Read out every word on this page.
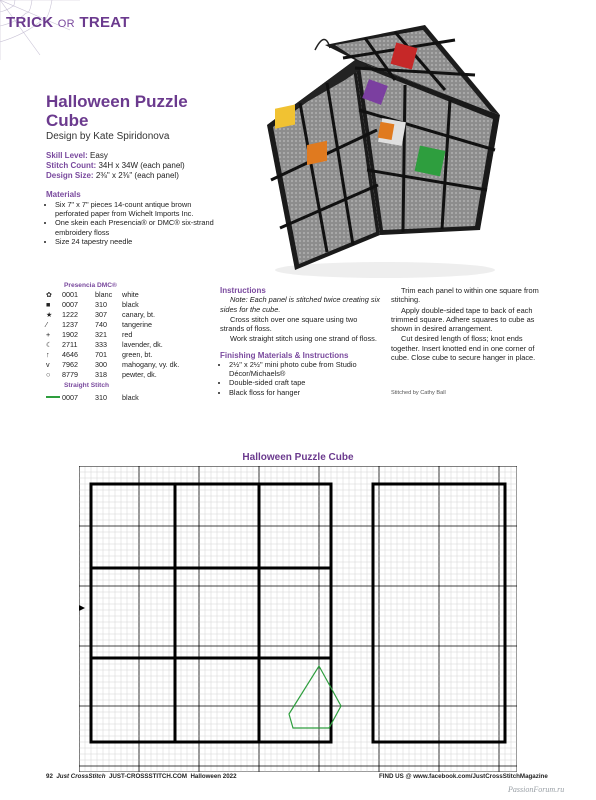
TRICK OR TREAT
Halloween Puzzle Cube
Design by Kate Spiridonova
Skill Level: Easy
Stitch Count: 34H x 34W (each panel)
Design Size: 2⅜" x 2⅜" (each panel)
Materials
• Six 7" x 7" pieces 14-count antique brown perforated paper from Wichelt Imports Inc.
• One skein each Presencia® or DMC® six-strand embroidery floss
• Size 24 tapestry needle
Presencia DMC®
✿ 0001 blanc white
■ 0007 310 black
★ 1222 307 canary, bt.
⁄ 1237 740 tangerine
+ 1902 321 red
☾ 2711 333 lavender, dk.
↑ 4646 701 green, bt.
v 7962 300 mahogany, vy. dk.
○ 8779 318 pewter, dk.
Straight Stitch
0007 310 black
Instructions

Note: Each panel is stitched twice creating six sides for the cube.

Cross stitch over one square using two strands of floss.

Work straight stitch using one strand of floss.

Finishing Materials & Instructions
• 2½" x 2½" mini photo cube from Studio Décor/Michaels®
• Double-sided craft tape
• Black floss for hanger

Trim each panel to within one square from stitching.

Apply double-sided tape to back of each trimmed square. Adhere squares to cube as shown in desired arrangement.

Cut desired length of floss; knot ends together. Insert knotted end in one corner of cube. Close cube to secure hanger in place.

Stitched by Cathy Ball
Halloween Puzzle Cube
92 Just CrossStitch JUST-CROSSSTITCH.COM Halloween 2022	FIND US @ www.facebook.com/JustCrossStitchMagazine
PassionForum.ru
